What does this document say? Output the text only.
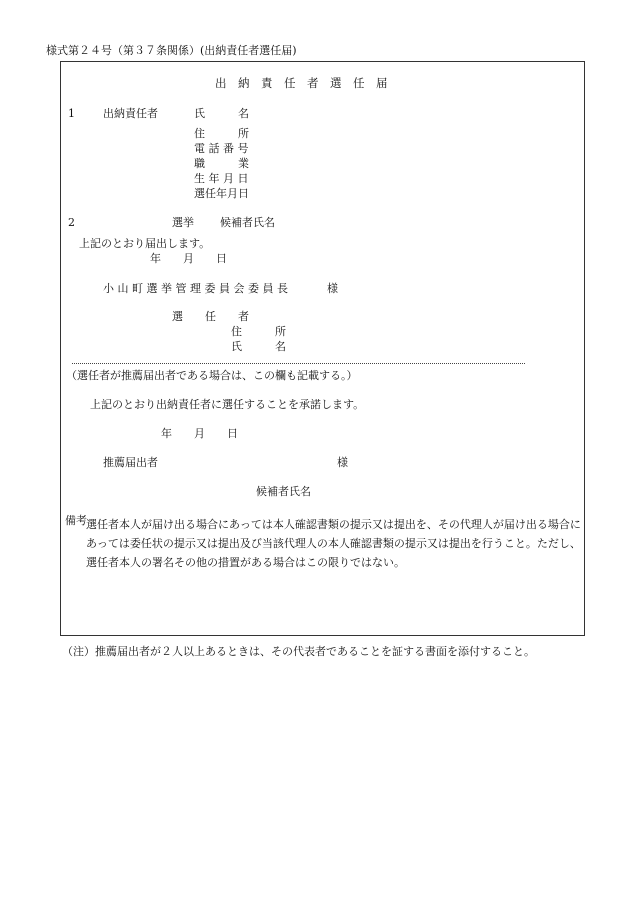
様式第２４号（第３７条関係）(出納責任者選任届)
出　納　責　任　者　選　任　届
1	出納責任者	氏　　　名
住　　　所
電 話 番 号
職　　　業
生 年 月 日
選任年月日
2	選挙 候補者氏名
上記のとおり届出します。
年　　月　　日
小 山 町 選 挙 管 理 委 員 会 委 員 長	様
選　　任　　者
住　　　所
氏　　　名
（選任者が推薦届出者である場合は、この欄も記載する。）
上記のとおり出納責任者に選任することを承諾します。
年　　月　　日
推薦届出者	様
候補者氏名
備考 選任者本人が届け出る場合にあっては本人確認書類の提示又は提出を、その代理人が届け出る場合にあっては委任状の提示又は提出及び当該代理人の本人確認書類の提示又は提出を行うこと。ただし、選任者本人の署名その他の措置がある場合はこの限りではない。
（注）推薦届出者が２人以上あるときは、その代表者であることを証する書面を添付すること。
